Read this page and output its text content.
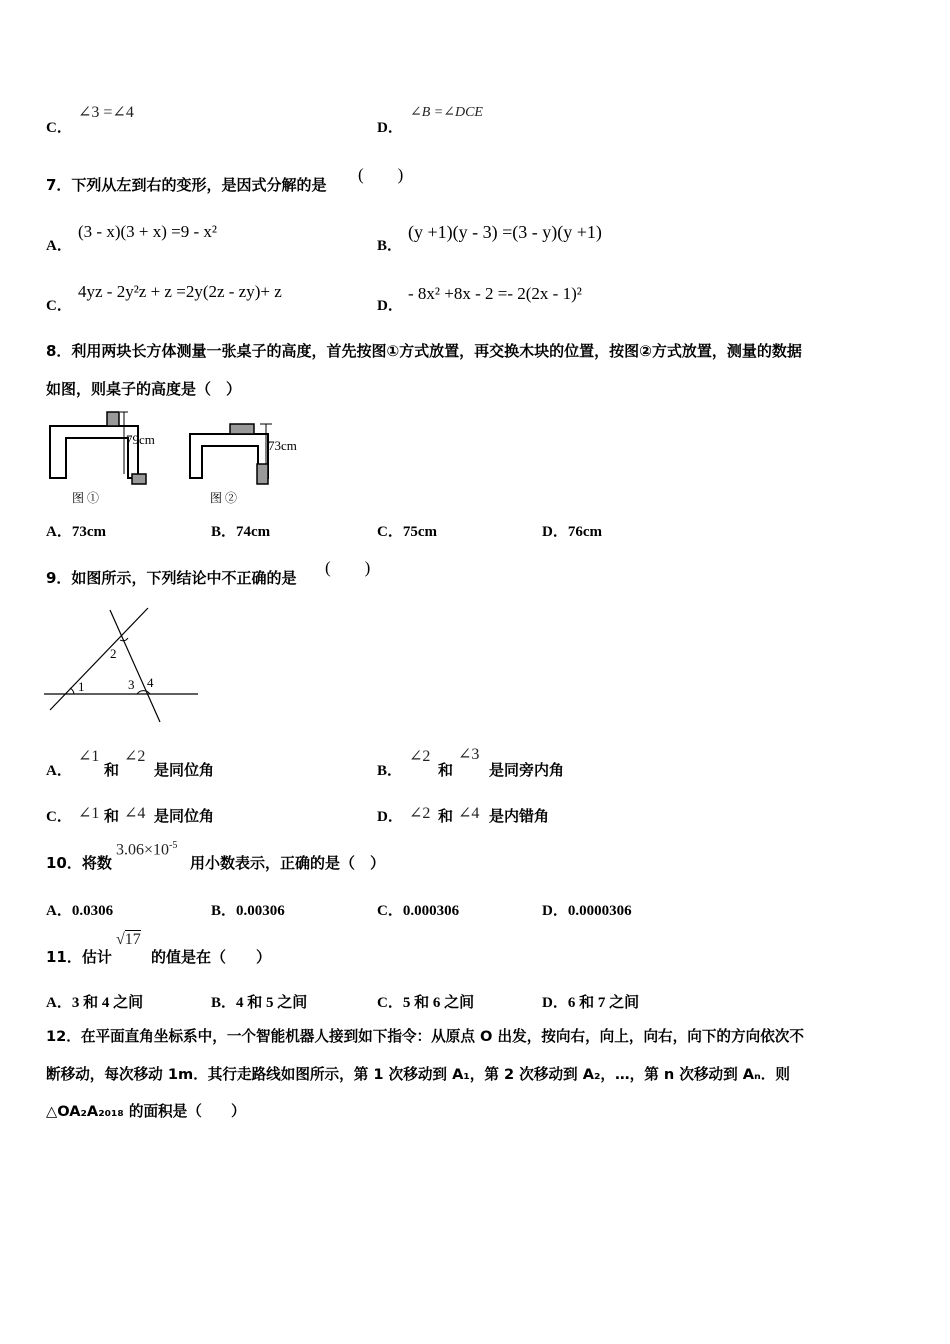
C．
∠3 =∠4
D．
∠B =∠DCE
7．下列从左到右的变形，是因式分解的是
(　　)
A．
(3 - x)(3 + x) =9 - x²
B．
(y +1)(y - 3) =(3 - y)(y +1)
C．
4yz - 2y²z + z =2y(2z - zy)+ z
D．
- 8x² +8x - 2 =- 2(2x - 1)²
8．利用两块长方体测量一张桌子的高度，首先按图①方式放置，再交换木块的位置，按图②方式放置，测量的数据
如图，则桌子的高度是（　）
79cm
图 ①
73cm
图 ②
A．73cm	B．74cm	C．75cm	D．76cm
9．如图所示，下列结论中不正确的是
(　　)
1
2
3 4
A．
∠1
和
∠2
是同位角	B．
∠2
和
∠3
是同旁内角
C． ∠1 和 ∠4 是同位角	D． ∠2 和 ∠4 是内错角
10．将数
$3.06\times 10^{-5}$
用小数表示，正确的是（　）
A．0.0306	B．0.00306	C．0.000306	D．0.0000306
11．估计
√17
的值是在（　　）
A．3 和 4 之间	B．4 和 5 之间	C．5 和 6 之间	D．6 和 7 之间
12．在平面直角坐标系中，一个智能机器人接到如下指令：从原点 O 出发，按向右，向上，向右，向下的方向依次不
断移动，每次移动 1m．其行走路线如图所示，第 1 次移动到 A₁，第 2 次移动到 A₂，…，第 n 次移动到 Aₙ．则
△OA₂A₂₀₁₈ 的面积是（　　）
